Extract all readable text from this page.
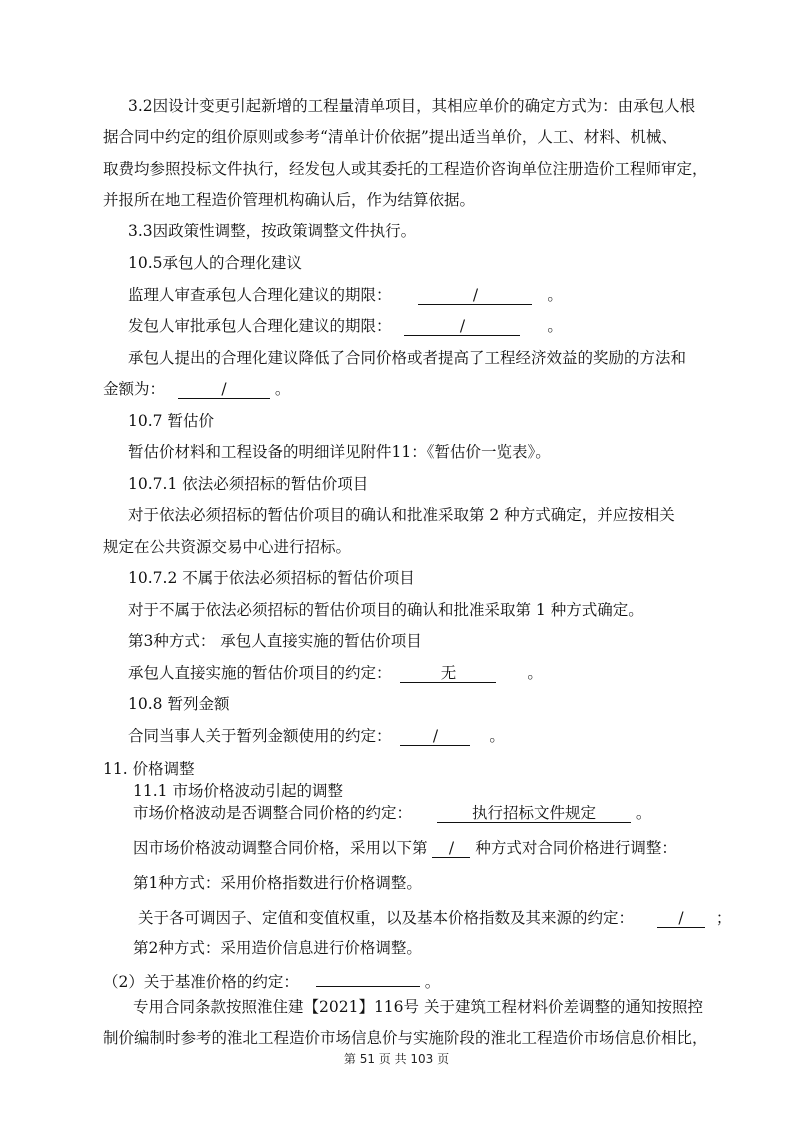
3.2因设计变更引起新增的工程量清单项目，其相应单价的确定方式为：由承包人根
据合同中约定的组价原则或参考“清单计价依据”提出适当单价，人工、材料、机械、
取费均参照投标文件执行，经发包人或其委托的工程造价咨询单位注册造价工程师审定，
并报所在地工程造价管理机构确认后，作为结算依据。
3.3因政策性调整，按政策调整文件执行。
10.5承包人的合理化建议
监理人审查承包人合理化建议的期限：	/	。
发包人审批承包人合理化建议的期限：	/	。
承包人提出的合理化建议降低了合同价格或者提高了工程经济效益的奖励的方法和
金额为：	/	。
10.7 暂估价
暂估价材料和工程设备的明细详见附件11：《暂估价一览表》。
10.7.1 依法必须招标的暂估价项目
对于依法必须招标的暂估价项目的确认和批准采取第 2 种方式确定，并应按相关
规定在公共资源交易中心进行招标。
10.7.2 不属于依法必须招标的暂估价项目
对于不属于依法必须招标的暂估价项目的确认和批准采取第 1 种方式确定。
第3种方式： 承包人直接实施的暂估价项目
承包人直接实施的暂估价项目的约定：	无	。
10.8 暂列金额
合同当事人关于暂列金额使用的约定：	/	。
11. 价格调整
11.1 市场价格波动引起的调整
市场价格波动是否调整合同价格的约定：	执行招标文件规定	。
因市场价格波动调整合同价格，采用以下第 / 种方式对合同价格进行调整：
第1种方式：采用价格指数进行价格调整。
关于各可调因子、定值和变值权重，以及基本价格指数及其来源的约定：	/ ；
第2种方式：采用造价信息进行价格调整。
（2）关于基准价格的约定：	。
专用合同条款按照淮住建【2021】116号 关于建筑工程材料价差调整的通知按照控
制价编制时参考的淮北工程造价市场信息价与实施阶段的淮北工程造价市场信息价相比，
第 51 页 共 103 页
